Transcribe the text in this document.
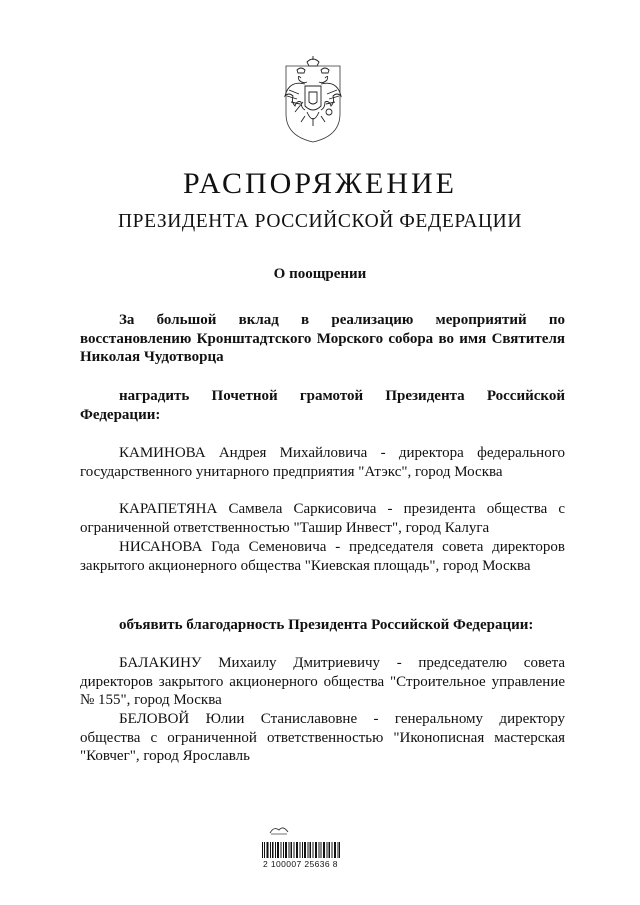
РАСПОРЯЖЕНИЕ
ПРЕЗИДЕНТА РОССИЙСКОЙ ФЕДЕРАЦИИ
О поощрении

За большой вклад в реализацию мероприятий по восстановлению Кронштадтского Морского собора во имя Святителя Николая Чудотворца

наградить Почетной грамотой Президента Российской Федерации:

КАМИНОВА Андрея Михайловича - директора федерального государственного унитарного предприятия "Атэкс", город Москва

КАРАПЕТЯНА Самвела Саркисовича - президента общества с ограниченной ответственностью "Ташир Инвест", город Калуга

НИСАНОВА Года Семеновича - председателя совета директоров закрытого акционерного общества "Киевская площадь", город Москва

объявить благодарность Президента Российской Федерации:

БАЛАКИНУ Михаилу Дмитриевичу - председателю совета директоров закрытого акционерного общества "Строительное управление № 155", город Москва

БЕЛОВОЙ Юлии Станиславовне - генеральному директору общества с ограниченной ответственностью "Иконописная мастерская "Ковчег", город Ярославль

2 100007 25636 8
